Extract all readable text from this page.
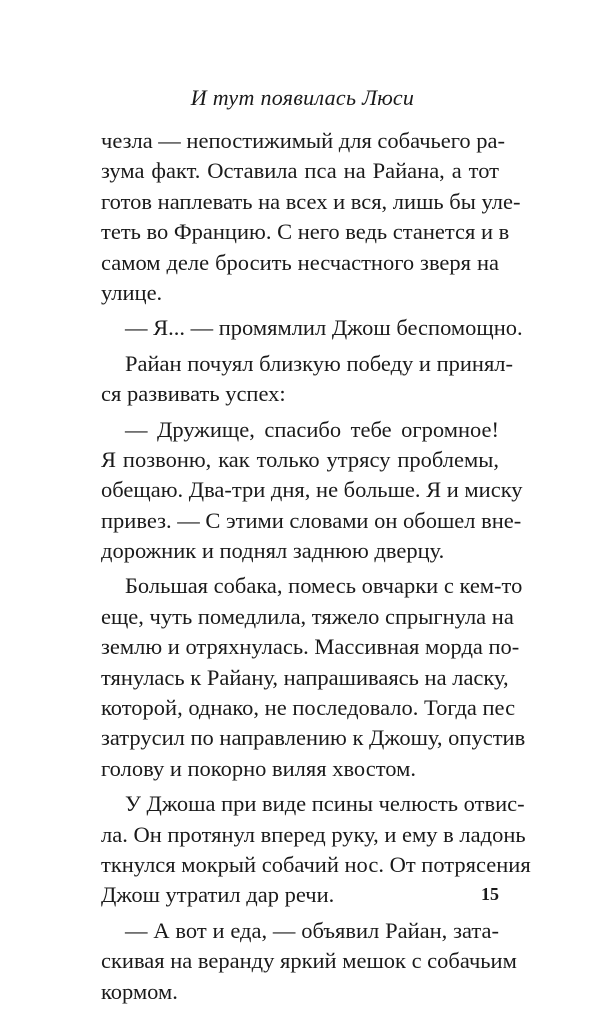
И тут появилась Люси
чезла — непостижимый для собачьего ра-
зума факт. Оставила пса на Райана, а тот
готов наплевать на всех и вся, лишь бы уле-
теть во Францию. С него ведь станется и в
самом деле бросить несчастного зверя на
улице.
— Я... — промямлил Джош беспомощно.
Райан почуял близкую победу и принял-
ся развивать успех:
— Дружище, спасибо тебе огромное!
Я позвоню, как только утрясу проблемы,
обещаю. Два-три дня, не больше. Я и миску
привез. — С этими словами он обошел вне-
дорожник и поднял заднюю дверцу.
Большая собака, помесь овчарки с кем-то
еще, чуть помедлила, тяжело спрыгнула на
землю и отряхнулась. Массивная морда по-
тянулась к Райану, напрашиваясь на ласку,
которой, однако, не последовало. Тогда пес
затрусил по направлению к Джошу, опустив
голову и покорно виляя хвостом.
У Джоша при виде псины челюсть отвис-
ла. Он протянул вперед руку, и ему в ладонь
ткнулся мокрый собачий нос. От потрясения
Джош утратил дар речи.
— А вот и еда, — объявил Райан, зата-
скивая на веранду яркий мешок с собачьим
кормом.
15
